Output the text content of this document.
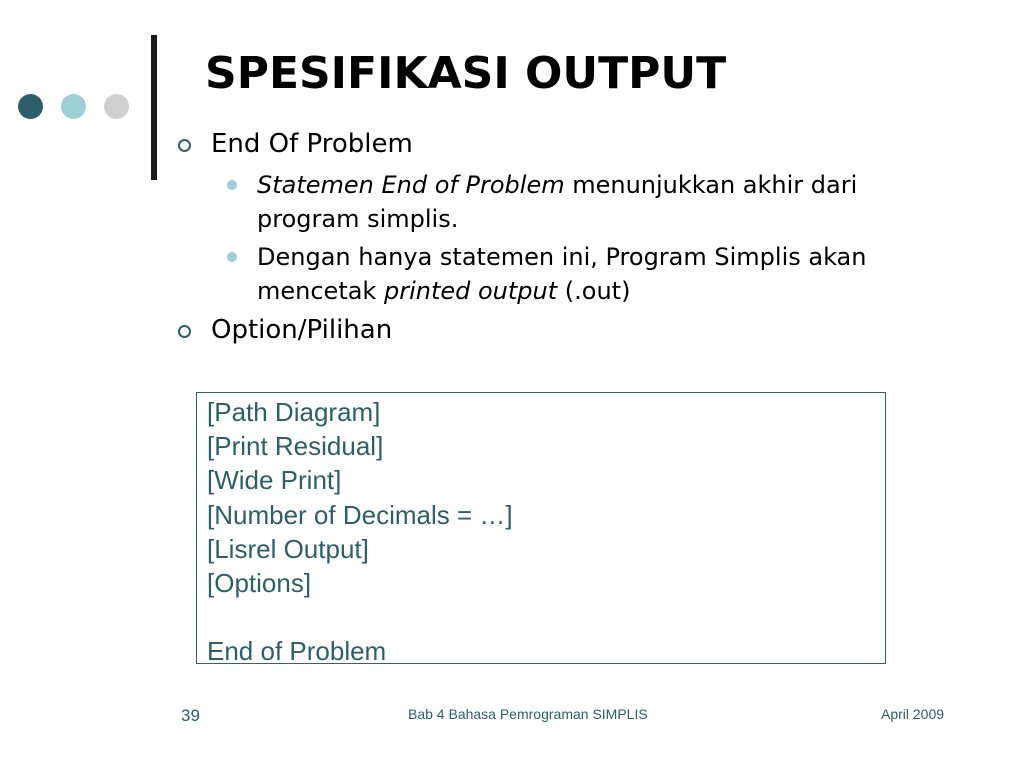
SPESIFIKASI OUTPUT
End Of Problem
Statemen End of Problem menunjukkan akhir dari program simplis.
Dengan hanya statemen ini, Program Simplis akan mencetak printed output (.out)
Option/Pilihan
[Path Diagram]
[Print Residual]
[Wide Print]
[Number of Decimals = …]
[Lisrel Output]
[Options]
End of Problem
39	Bab 4 Bahasa Pemrograman SIMPLIS	April 2009
